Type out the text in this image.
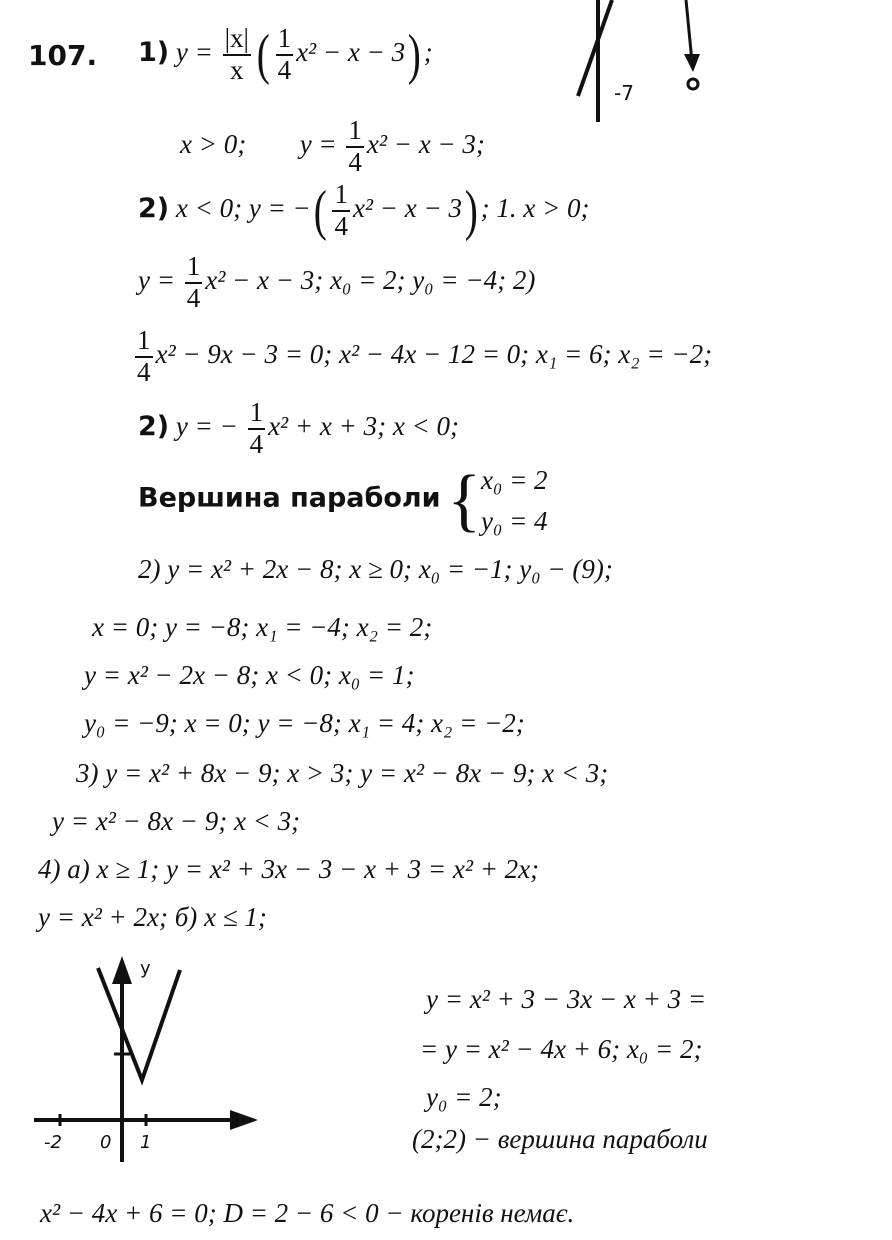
107. 1) $y = \frac{|x|}{x}$ ( $\frac{1}{4} x^2 - x - 3$) ;
-7
x > 0; $y = \frac{1}{4} x^2 - x - 3$;
2) x < 0; y = −( $\frac{1}{4} x^2 - x - 3$) ; 1. x > 0;
$y = \frac{1}{4} x^2 - x - 3$; x₀ = 2; y₀ = −4; 2)
$\frac{1}{4} x^2 - 9x - 3 = 0$; x² − 4x − 12 = 0; x₁ = 6; x₂ = −2;
2) y = − $\frac{1}{4} x^2 + x + 3$; x < 0;
Вершина параболи { x₀ = 2
y₀ = 4
2) y = x² + 2x − 8; x ≥ 0; x₀ = −1; y₀ − (9);
x = 0; y = −8; x₁ = −4; x₂ = 2;
y = x² − 2x − 8; x < 0; x₀ = 1;
y₀ = −9; x = 0; y = −8; x₁ = 4; x₂ = −2;
3) y = x² + 8x − 9; x > 3; y = x² − 8x − 9; x < 3;
y = x² − 8x − 9; x < 3;
4) а) x ≥ 1; y = x² + 3x − 3 − x + 3 = x² + 2x;
y = x² + 2x; б) x ≤ 1;
y
-2 0 1
y = x² + 3 − 3x − x + 3 =
= y = x² − 4x + 6; x₀ = 2;
y₀ = 2;
(2;2) − вершина параболи
x² − 4x + 6 = 0; D = 2 − 6 < 0 − коренів немає.
